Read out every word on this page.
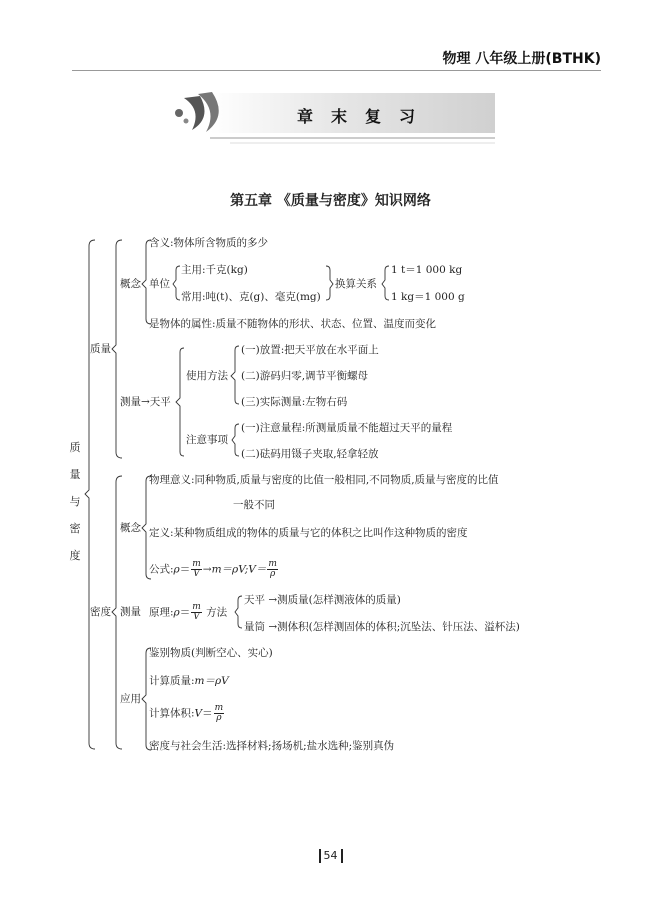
物理 八年级上册(BTHK)
章末复习
第五章 《质量与密度》知识网络
质
量
与
密
度
质量
概念
含义:物体所含物质的多少
单位
主用:千克(kg)
常用:吨(t)、克(g)、毫克(mg)
换算关系
1 t＝1 000 kg
1 kg＝1 000 g
是物体的属性:质量不随物体的形状、状态、位置、温度而变化
测量→天平
使用方法
(一)放置:把天平放在水平面上
(二)游码归零,调节平衡螺母
(三)实际测量:左物右码
注意事项
(一)注意量程:所测量质量不能超过天平的量程
(二)砝码用镊子夹取,轻拿轻放
密度
概念
物理意义:同种物质,质量与密度的比值一般相同,不同物质,质量与密度的比值
一般不同
定义:某种物质组成的物体的质量与它的体积之比叫作这种物质的密度
公式:ρ＝ $\frac{m}{V}$ →m＝ρV;V＝ $\frac{m}{\rho}$
测量 原理:ρ＝ $\frac{m}{V}$ 方法
天平 →测质量(怎样测液体的质量)
量筒 →测体积(怎样测固体的体积;沉坠法、针压法、溢杯法)
应用
鉴别物质(判断空心、实心)
计算质量:m＝ρV
计算体积:V＝ $\frac{m}{\rho}$
密度与社会生活:选择材料;扬场机;盐水选种;鉴别真伪
54
